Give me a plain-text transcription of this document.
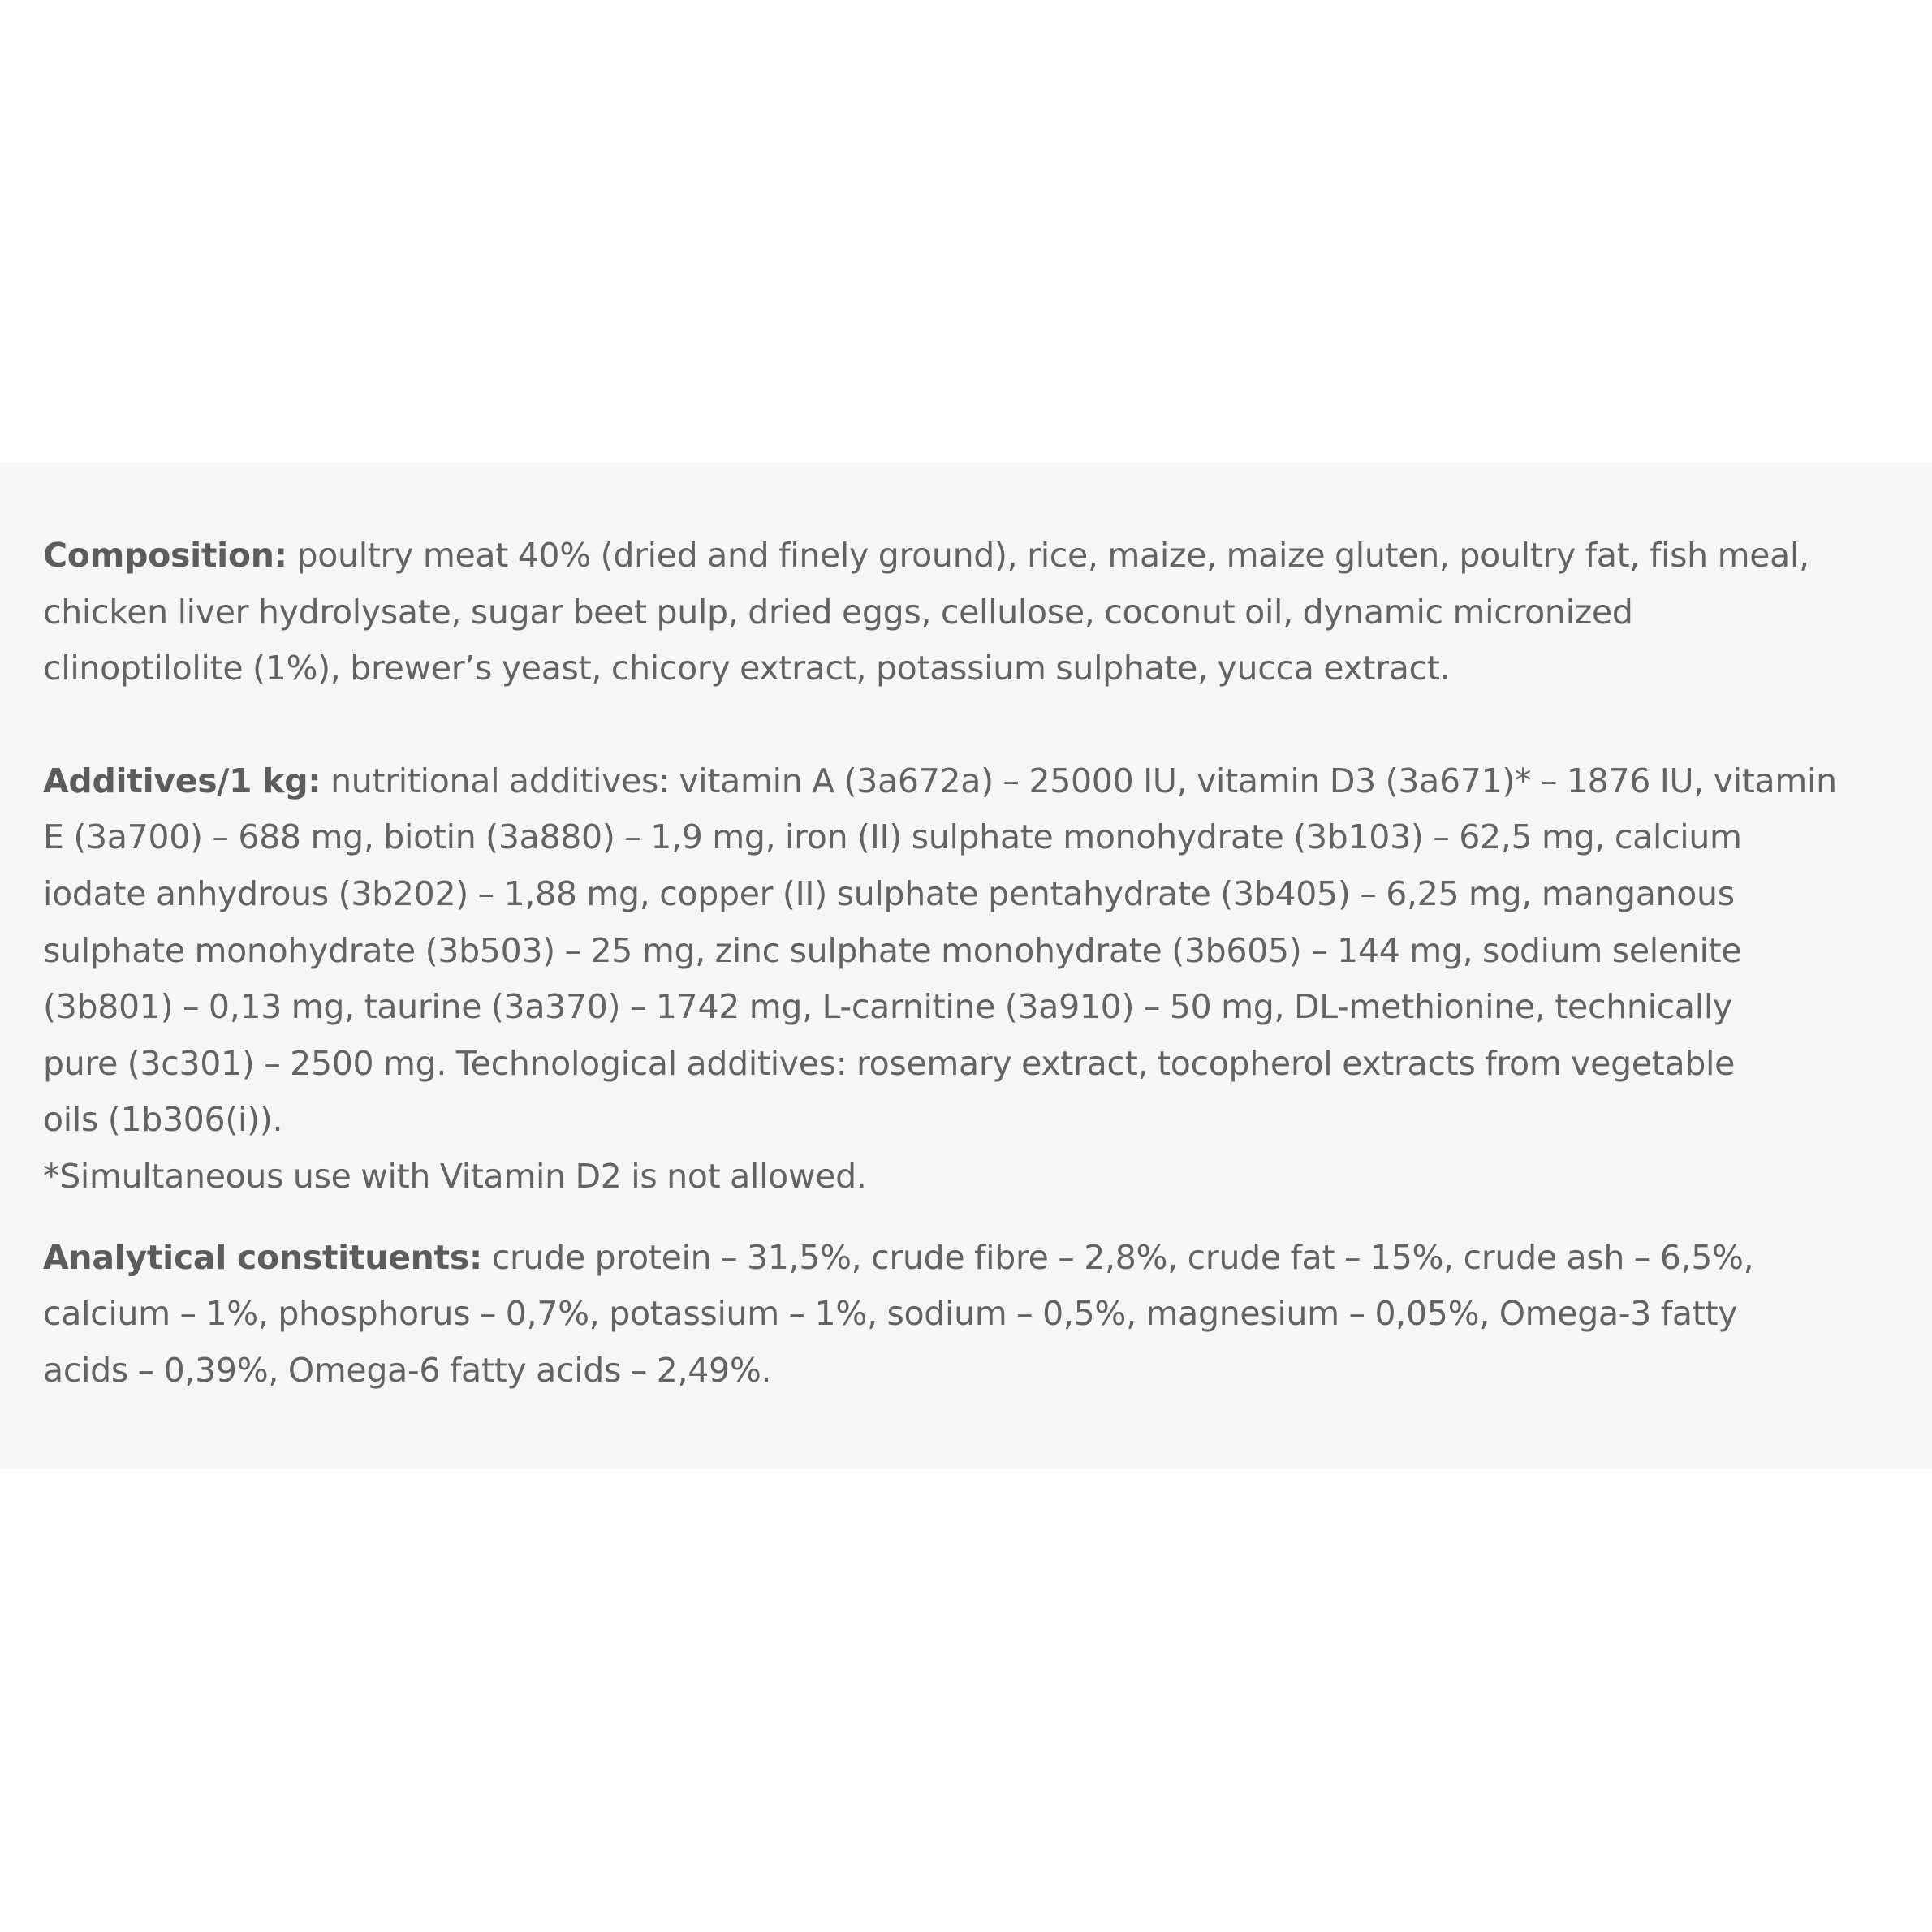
Composition: poultry meat 40% (dried and finely ground), rice, maize, maize gluten, poultry fat, fish meal,
chicken liver hydrolysate, sugar beet pulp, dried eggs, cellulose, coconut oil, dynamic micronized
clinoptilolite (1%), brewer’s yeast, chicory extract, potassium sulphate, yucca extract.

Additives/1 kg: nutritional additives: vitamin A (3a672a) – 25000 IU, vitamin D3 (3a671)* – 1876 IU, vitamin
E (3a700) – 688 mg, biotin (3a880) – 1,9 mg, iron (II) sulphate monohydrate (3b103) – 62,5 mg, calcium
iodate anhydrous (3b202) – 1,88 mg, copper (II) sulphate pentahydrate (3b405) – 6,25 mg, manganous
sulphate monohydrate (3b503) – 25 mg, zinc sulphate monohydrate (3b605) – 144 mg, sodium selenite
(3b801) – 0,13 mg, taurine (3a370) – 1742 mg, L-carnitine (3a910) – 50 mg, DL-methionine, technically
pure (3c301) – 2500 mg. Technological additives: rosemary extract, tocopherol extracts from vegetable
oils (1b306(i)).
*Simultaneous use with Vitamin D2 is not allowed.

Analytical constituents: crude protein – 31,5%, crude fibre – 2,8%, crude fat – 15%, crude ash – 6,5%,
calcium – 1%, phosphorus – 0,7%, potassium – 1%, sodium – 0,5%, magnesium – 0,05%, Omega-3 fatty
acids – 0,39%, Omega-6 fatty acids – 2,49%.
